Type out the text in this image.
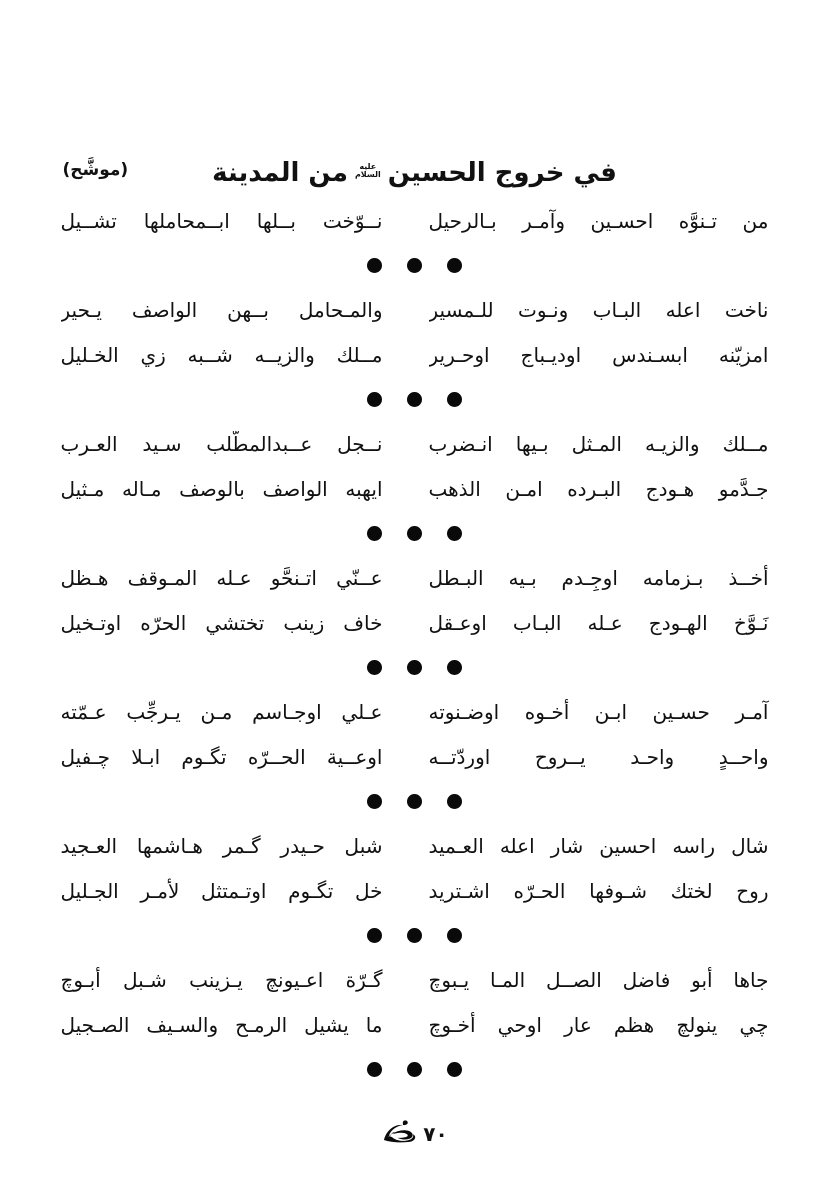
(موشَّح)	في خروج الحسين
عليه
السلام
من المدينة
من تـنوَّه احسـين وآمـر بـالرحيل
نــوّخت بــلها ابــمحاملها تشــيل
ناخت اعله البـاب ونـوت للـمسير
والمـحامل بــهن الواصف يـحير
امزيّنه ابسـندس اوديـباج اوحـرير
مــلك والزيــه شــبه زي الخـليل
مــلك والزيـه المـثل بـيها انـضرب
نــجل عــبدالمطَّلب سـيد العـرب
جـدَّمو هـودج البـرده امـن الذهب
ايهبه الواصف بالوصف مـاله مـثيل
أخــذ بـزمامه اوجِـدم بـيه البـطل
عــنّي اتـنحَّو عـله المـوقف هـظل
نَـوَّخ الهـودج عـله البـاب اوعـقل
خاف زينب تختشي الحرّه اوتـخيل
آمـر حسـين ابـن أخـوه اوضـنوته
عـلي اوجـاسم مـن يـرجِّب عـمّته
واحــدٍ واحـد يــروح اوردّتــه
اوعــية الحــرّه تگـوم ابـلا چـفيل
شال راسه احسين شار اعله العـميد
شبل حـيدر گـمر هـاشمها العـجيد
روح لختك شـوفها الحـرّه اشـتريد
خل تگـوم اوتـمتثل لأمـر الجـليل
جاها أبو فاضل الصــل المـا يـبوچ
گـرّة اعـيونچ يـزينب شـبل أبـوچ
چي ينولچ هظم عار اوحي أخـوچ
ما يشيل الرمـح والسـيف الصـجيل
٧٠
